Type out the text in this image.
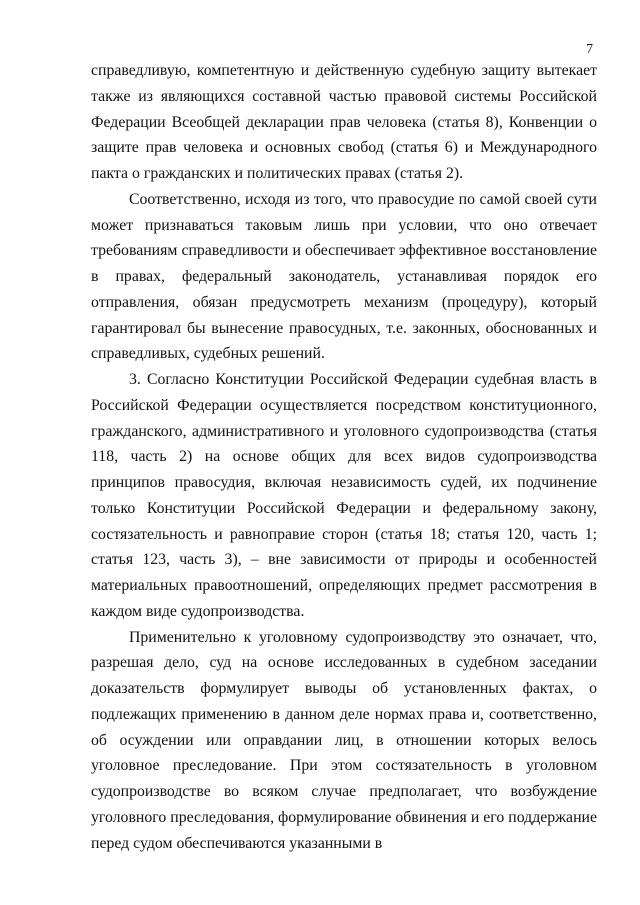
7

справедливую, компетентную и действенную судебную защиту вытекает также из являющихся составной частью правовой системы Российской Федерации Всеобщей декларации прав человека (статья 8), Конвенции о защите прав человека и основных свобод (статья 6) и Международного пакта о гражданских и политических правах (статья 2).

Соответственно, исходя из того, что правосудие по самой своей сути может признаваться таковым лишь при условии, что оно отвечает требованиям справедливости и обеспечивает эффективное восстановление в правах, федеральный законодатель, устанавливая порядок его отправления, обязан предусмотреть механизм (процедуру), который гарантировал бы вынесение правосудных, т.е. законных, обоснованных и справедливых, судебных решений.

3. Согласно Конституции Российской Федерации судебная власть в Российской Федерации осуществляется посредством конституционного, гражданского, административного и уголовного судопроизводства (статья 118, часть 2) на основе общих для всех видов судопроизводства принципов правосудия, включая независимость судей, их подчинение только Конституции Российской Федерации и федеральному закону, состязательность и равноправие сторон (статья 18; статья 120, часть 1; статья 123, часть 3), – вне зависимости от природы и особенностей материальных правоотношений, определяющих предмет рассмотрения в каждом виде судопроизводства.

Применительно к уголовному судопроизводству это означает, что, разрешая дело, суд на основе исследованных в судебном заседании доказательств формулирует выводы об установленных фактах, о подлежащих применению в данном деле нормах права и, соответственно, об осуждении или оправдании лиц, в отношении которых велось уголовное преследование. При этом состязательность в уголовном судопроизводстве во всяком случае предполагает, что возбуждение уголовного преследования, формулирование обвинения и его поддержание перед судом обеспечиваются указанными в
